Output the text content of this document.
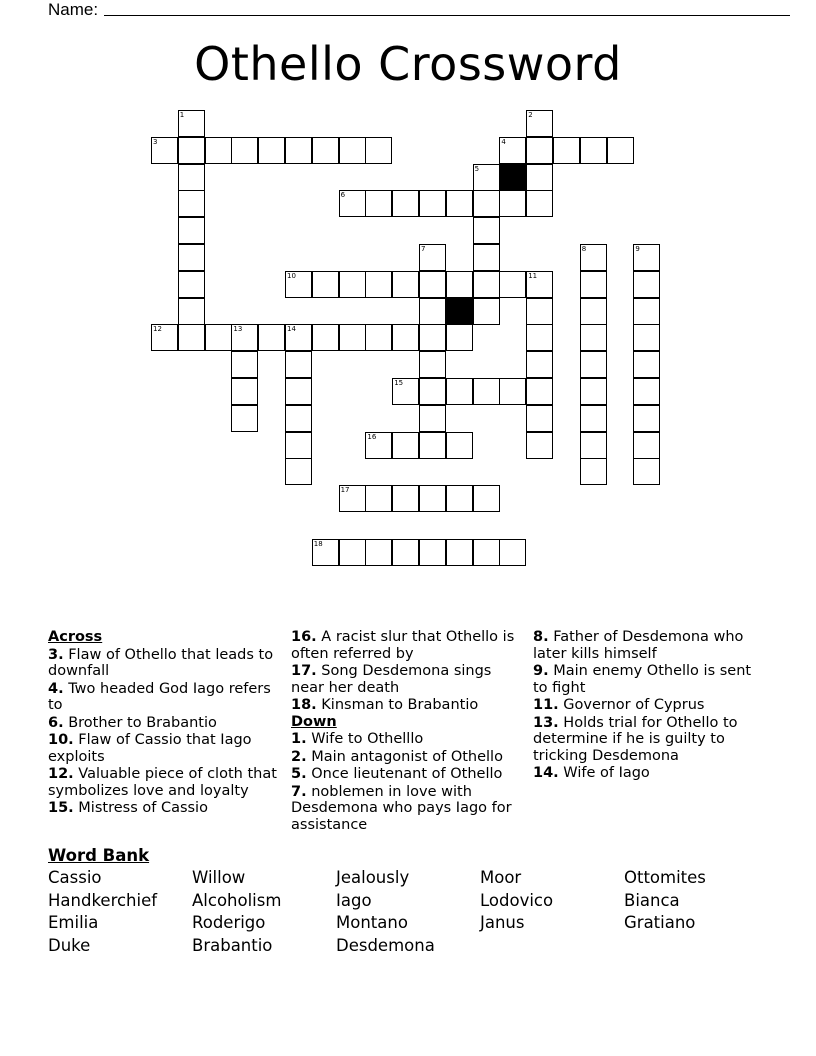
Name:
Othello Crossword
3	4
6
10	11
12	13	14
15
16
17
18
1	2
5
7	8	9
Across
3. Flaw of Othello that leads to downfall
4. Two headed God Iago refers to
6. Brother to Brabantio
10. Flaw of Cassio that Iago exploits
12. Valuable piece of cloth that symbolizes love and loyalty
15. Mistress of Cassio
16. A racist slur that Othello is often referred by
17. Song Desdemona sings near her death
18. Kinsman to Brabantio
Down
1. Wife to Othelllo
2. Main antagonist of Othello
5. Once lieutenant of Othello
7. noblemen in love with Desdemona who pays Iago for assistance
8. Father of Desdemona who later kills himself
9. Main enemy Othello is sent to fight
11. Governor of Cyprus
13. Holds trial for Othello to determine if he is guilty to tricking Desdemona
14. Wife of Iago
Word Bank
Cassio	Willow	Jealously	Moor	Ottomites
Handkerchief Alcoholism	Iago	Lodovico	Bianca
Emilia	Roderigo	Montano	Janus	Gratiano
Duke	Brabantio	Desdemona
